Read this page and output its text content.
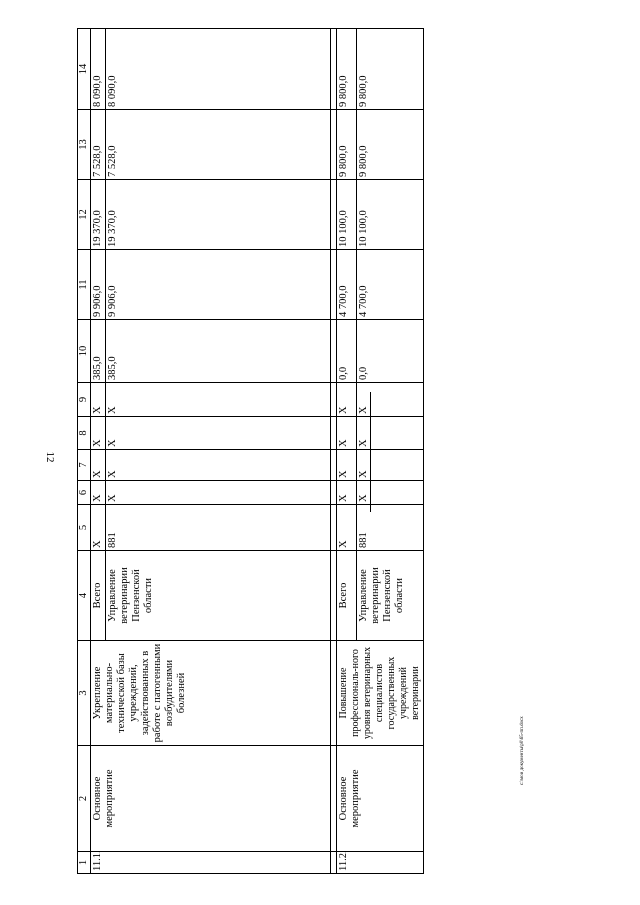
12
c:\мои документы\p0\65-пп.docx
1	2	3	4	5	6	7	8	9	10	11	12	13	14
11.1.	Основное мероприятие	Укрепление материально-технической базы учреждений, задействованных в работе с патогенными возбудителями болезней	Всего	X	X	X	X	X	385,0	9 906,0	19 370,0	7 528,0	8 090,0
			Управление ветеринарии Пензенской области	881	X	X	X	X	385,0	9 906,0	19 370,0	7 528,0	8 090,0

11.2.	Основное мероприятие	Повышение профессиональ-ного уровня ветеринарных специалистов государственных учреждений ветеринарии	Всего	X	X	X	X	X	0,0	4 700,0	10 100,0	9 800,0	9 800,0
			Управление ветеринарии Пензенской области	881	X	X	X	X	0,0	4 700,0	10 100,0	9 800,0	9 800,0
